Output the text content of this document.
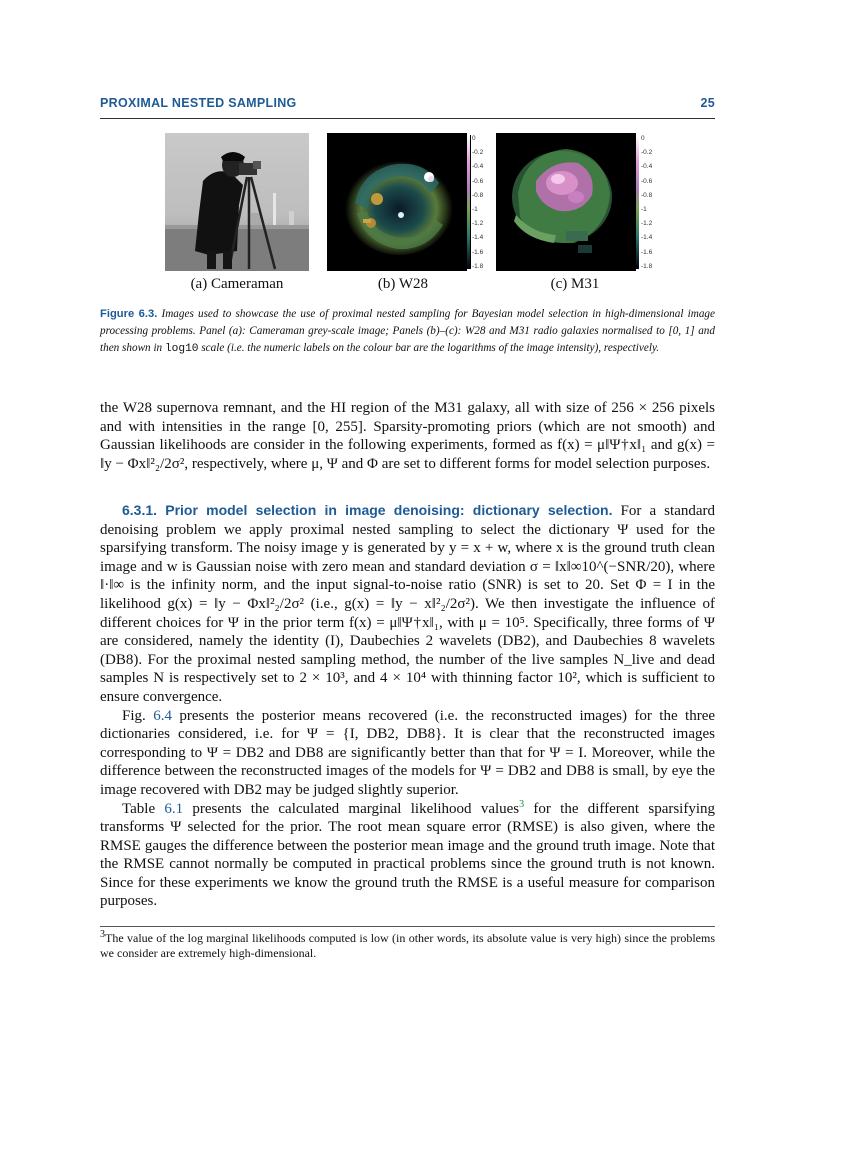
PROXIMAL NESTED SAMPLING	25
(a) Cameraman
0
-0.2
-0.4
-0.6
-0.8
-1
-1.2
-1.4
-1.6
-1.8
(b) W28
0
-0.2
-0.4
-0.6
-0.8
-1
-1.2
-1.4
-1.6
-1.8
(c) M31
Figure 6.3. Images used to showcase the use of proximal nested sampling for Bayesian model selection in high-dimensional image processing problems. Panel (a): Cameraman grey-scale image; Panels (b)–(c): W28 and M31 radio galaxies normalised to [0, 1] and then shown in log10 scale (i.e. the numeric labels on the colour bar are the logarithms of the image intensity), respectively.

the W28 supernova remnant, and the HI region of the M31 galaxy, all with size of 256 × 256 pixels and with intensities in the range [0, 255]. Sparsity-promoting priors (which are not smooth) and Gaussian likelihoods are consider in the following experiments, formed as f(x) = μ‖Ψ†x‖₁ and g(x) = ‖y − Φx‖²₂/2σ², respectively, where μ, Ψ and Φ are set to different forms for model selection purposes.

6.3.1. Prior model selection in image denoising: dictionary selection. For a standard denoising problem we apply proximal nested sampling to select the dictionary Ψ used for the sparsifying transform. The noisy image y is generated by y = x + w, where x is the ground truth clean image and w is Gaussian noise with zero mean and standard deviation σ = ‖x‖∞10^(−SNR/20), where ‖·‖∞ is the infinity norm, and the input signal-to-noise ratio (SNR) is set to 20. Set Φ = I in the likelihood g(x) = ‖y − Φx‖²₂/2σ² (i.e., g(x) = ‖y − x‖²₂/2σ²). We then investigate the influence of different choices for Ψ in the prior term f(x) = μ‖Ψ†x‖₁, with μ = 10⁵. Specifically, three forms of Ψ are considered, namely the identity (I), Daubechies 2 wavelets (DB2), and Daubechies 8 wavelets (DB8). For the proximal nested sampling method, the number of the live samples N_live and dead samples N is respectively set to 2 × 10³, and 4 × 10⁴ with thinning factor 10², which is sufficient to ensure convergence.

Fig. 6.4 presents the posterior means recovered (i.e. the reconstructed images) for the three dictionaries considered, i.e. for Ψ = {I, DB2, DB8}. It is clear that the reconstructed images corresponding to Ψ = DB2 and DB8 are significantly better than that for Ψ = I. Moreover, while the difference between the reconstructed images of the models for Ψ = DB2 and DB8 is small, by eye the image recovered with DB2 may be judged slightly superior.

Table 6.1 presents the calculated marginal likelihood values$^3$ for the different sparsifying transforms Ψ selected for the prior. The root mean square error (RMSE) is also given, where the RMSE gauges the difference between the posterior mean image and the ground truth image. Note that the RMSE cannot normally be computed in practical problems since the ground truth is not known. Since for these experiments we know the ground truth the RMSE is a useful measure for comparison purposes.

$^3$The value of the log marginal likelihoods computed is low (in other words, its absolute value is very high) since the problems we consider are extremely high-dimensional.
